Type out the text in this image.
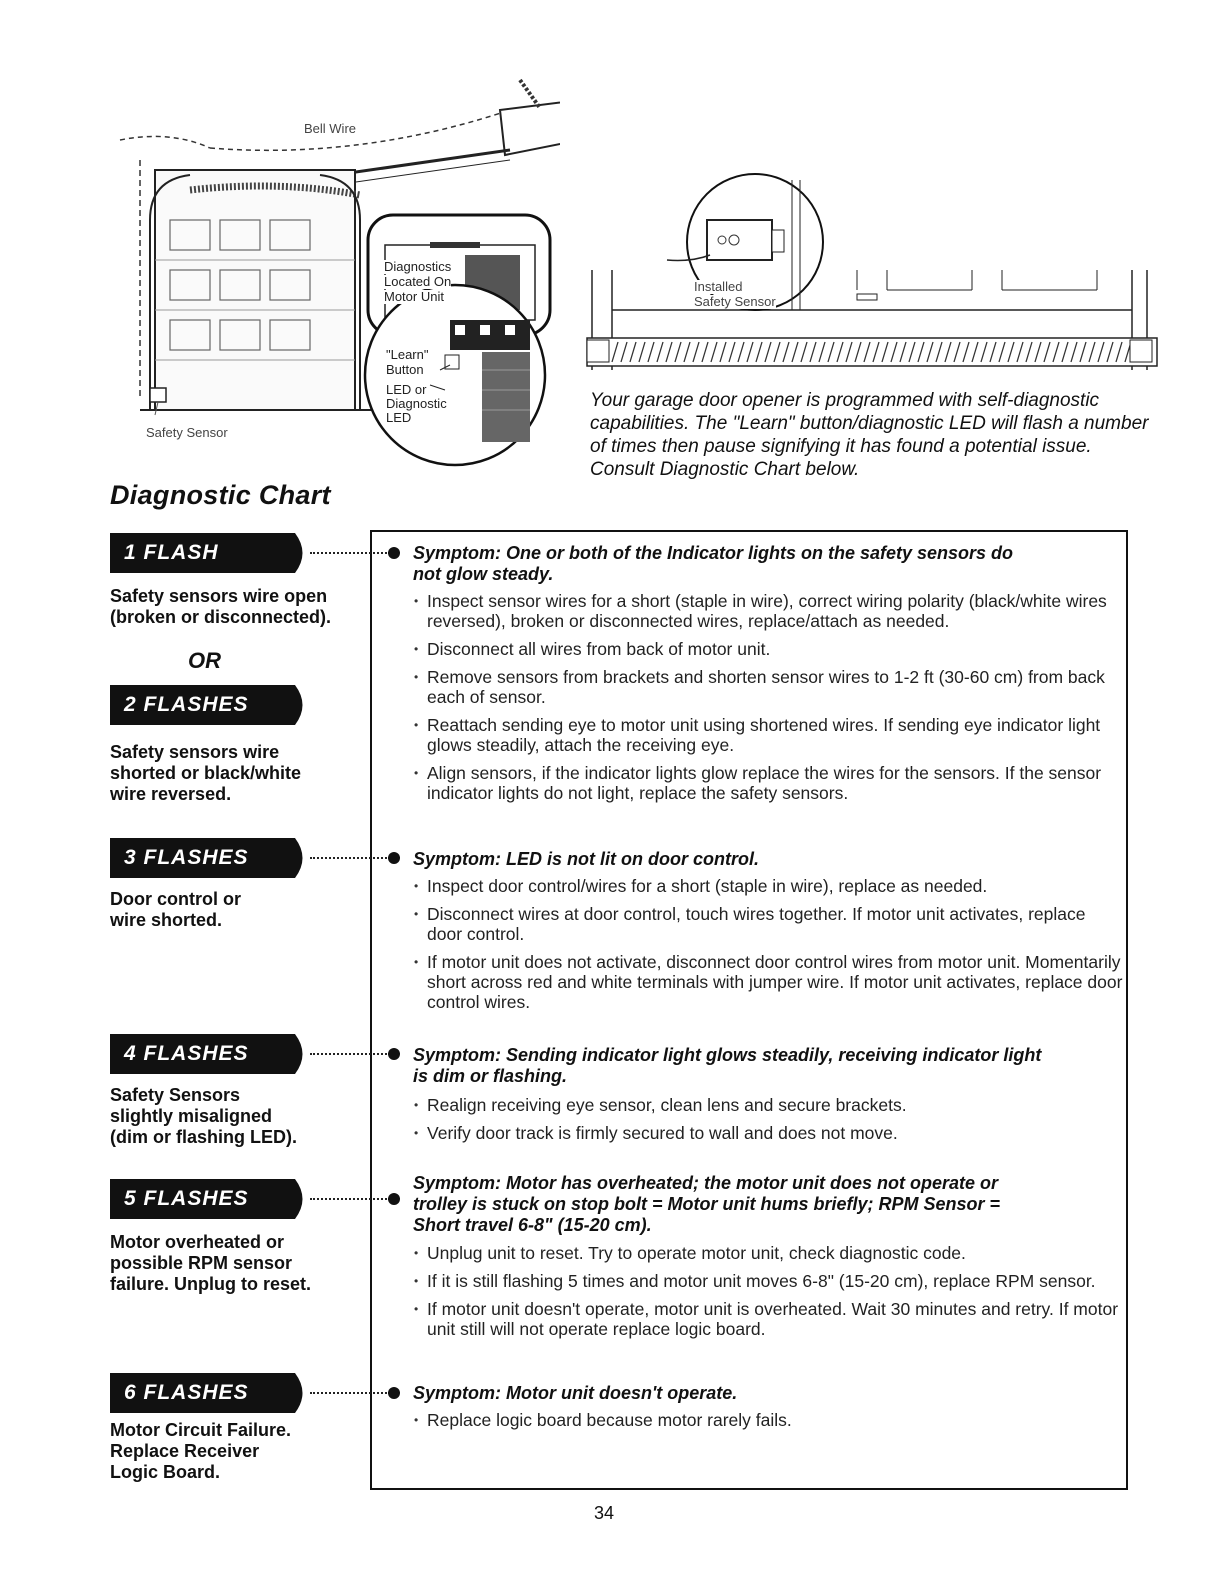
Bell Wire
Diagnostics
Located On
Motor Unit
"Learn"
Button
LED or
Diagnostic
LED
Safety Sensor
Installed
Safety Sensor
Your garage door opener is programmed with self-diagnostic capabilities. The "Learn" button/diagnostic LED will flash a number of times then pause signifying it has found a potential issue. Consult Diagnostic Chart below.
Diagnostic Chart
1 FLASH
Safety sensors wire open
(broken or disconnected).
OR
2 FLASHES
Safety sensors wire
shorted or black/white
wire reversed.
3 FLASHES
Door control or
wire shorted.
4 FLASHES
Safety Sensors
slightly misaligned
(dim or flashing LED).
5 FLASHES
Motor overheated or
possible RPM sensor
failure. Unplug to reset.
6 FLASHES
Motor Circuit Failure.
Replace Receiver
Logic Board.
Symptom: One or both of the Indicator lights on the safety sensors do
not glow steady.
• Inspect sensor wires for a short (staple in wire), correct wiring polarity (black/white wires reversed), broken or disconnected wires, replace/attach as needed.
• Disconnect all wires from back of motor unit.
• Remove sensors from brackets and shorten sensor wires to 1-2 ft (30-60 cm) from back each of sensor.
• Reattach sending eye to motor unit using shortened wires. If sending eye indicator light glows steadily, attach the receiving eye.
• Align sensors, if the indicator lights glow replace the wires for the sensors. If the sensor indicator lights do not light, replace the safety sensors.
Symptom: LED is not lit on door control.
• Inspect door control/wires for a short (staple in wire), replace as needed.
• Disconnect wires at door control, touch wires together. If motor unit activates, replace door control.
• If motor unit does not activate, disconnect door control wires from motor unit. Momentarily short across red and white terminals with jumper wire. If motor unit activates, replace door control wires.
Symptom: Sending indicator light glows steadily, receiving indicator light
is dim or flashing.
• Realign receiving eye sensor, clean lens and secure brackets.
• Verify door track is firmly secured to wall and does not move.
Symptom: Motor has overheated; the motor unit does not operate or
trolley is stuck on stop bolt = Motor unit hums briefly; RPM Sensor =
Short travel 6-8" (15-20 cm).
• Unplug unit to reset. Try to operate motor unit, check diagnostic code.
• If it is still flashing 5 times and motor unit moves 6-8" (15-20 cm), replace RPM sensor.
• If motor unit doesn't operate, motor unit is overheated. Wait 30 minutes and retry. If motor unit still will not operate replace logic board.
Symptom: Motor unit doesn't operate.
• Replace logic board because motor rarely fails.
34
